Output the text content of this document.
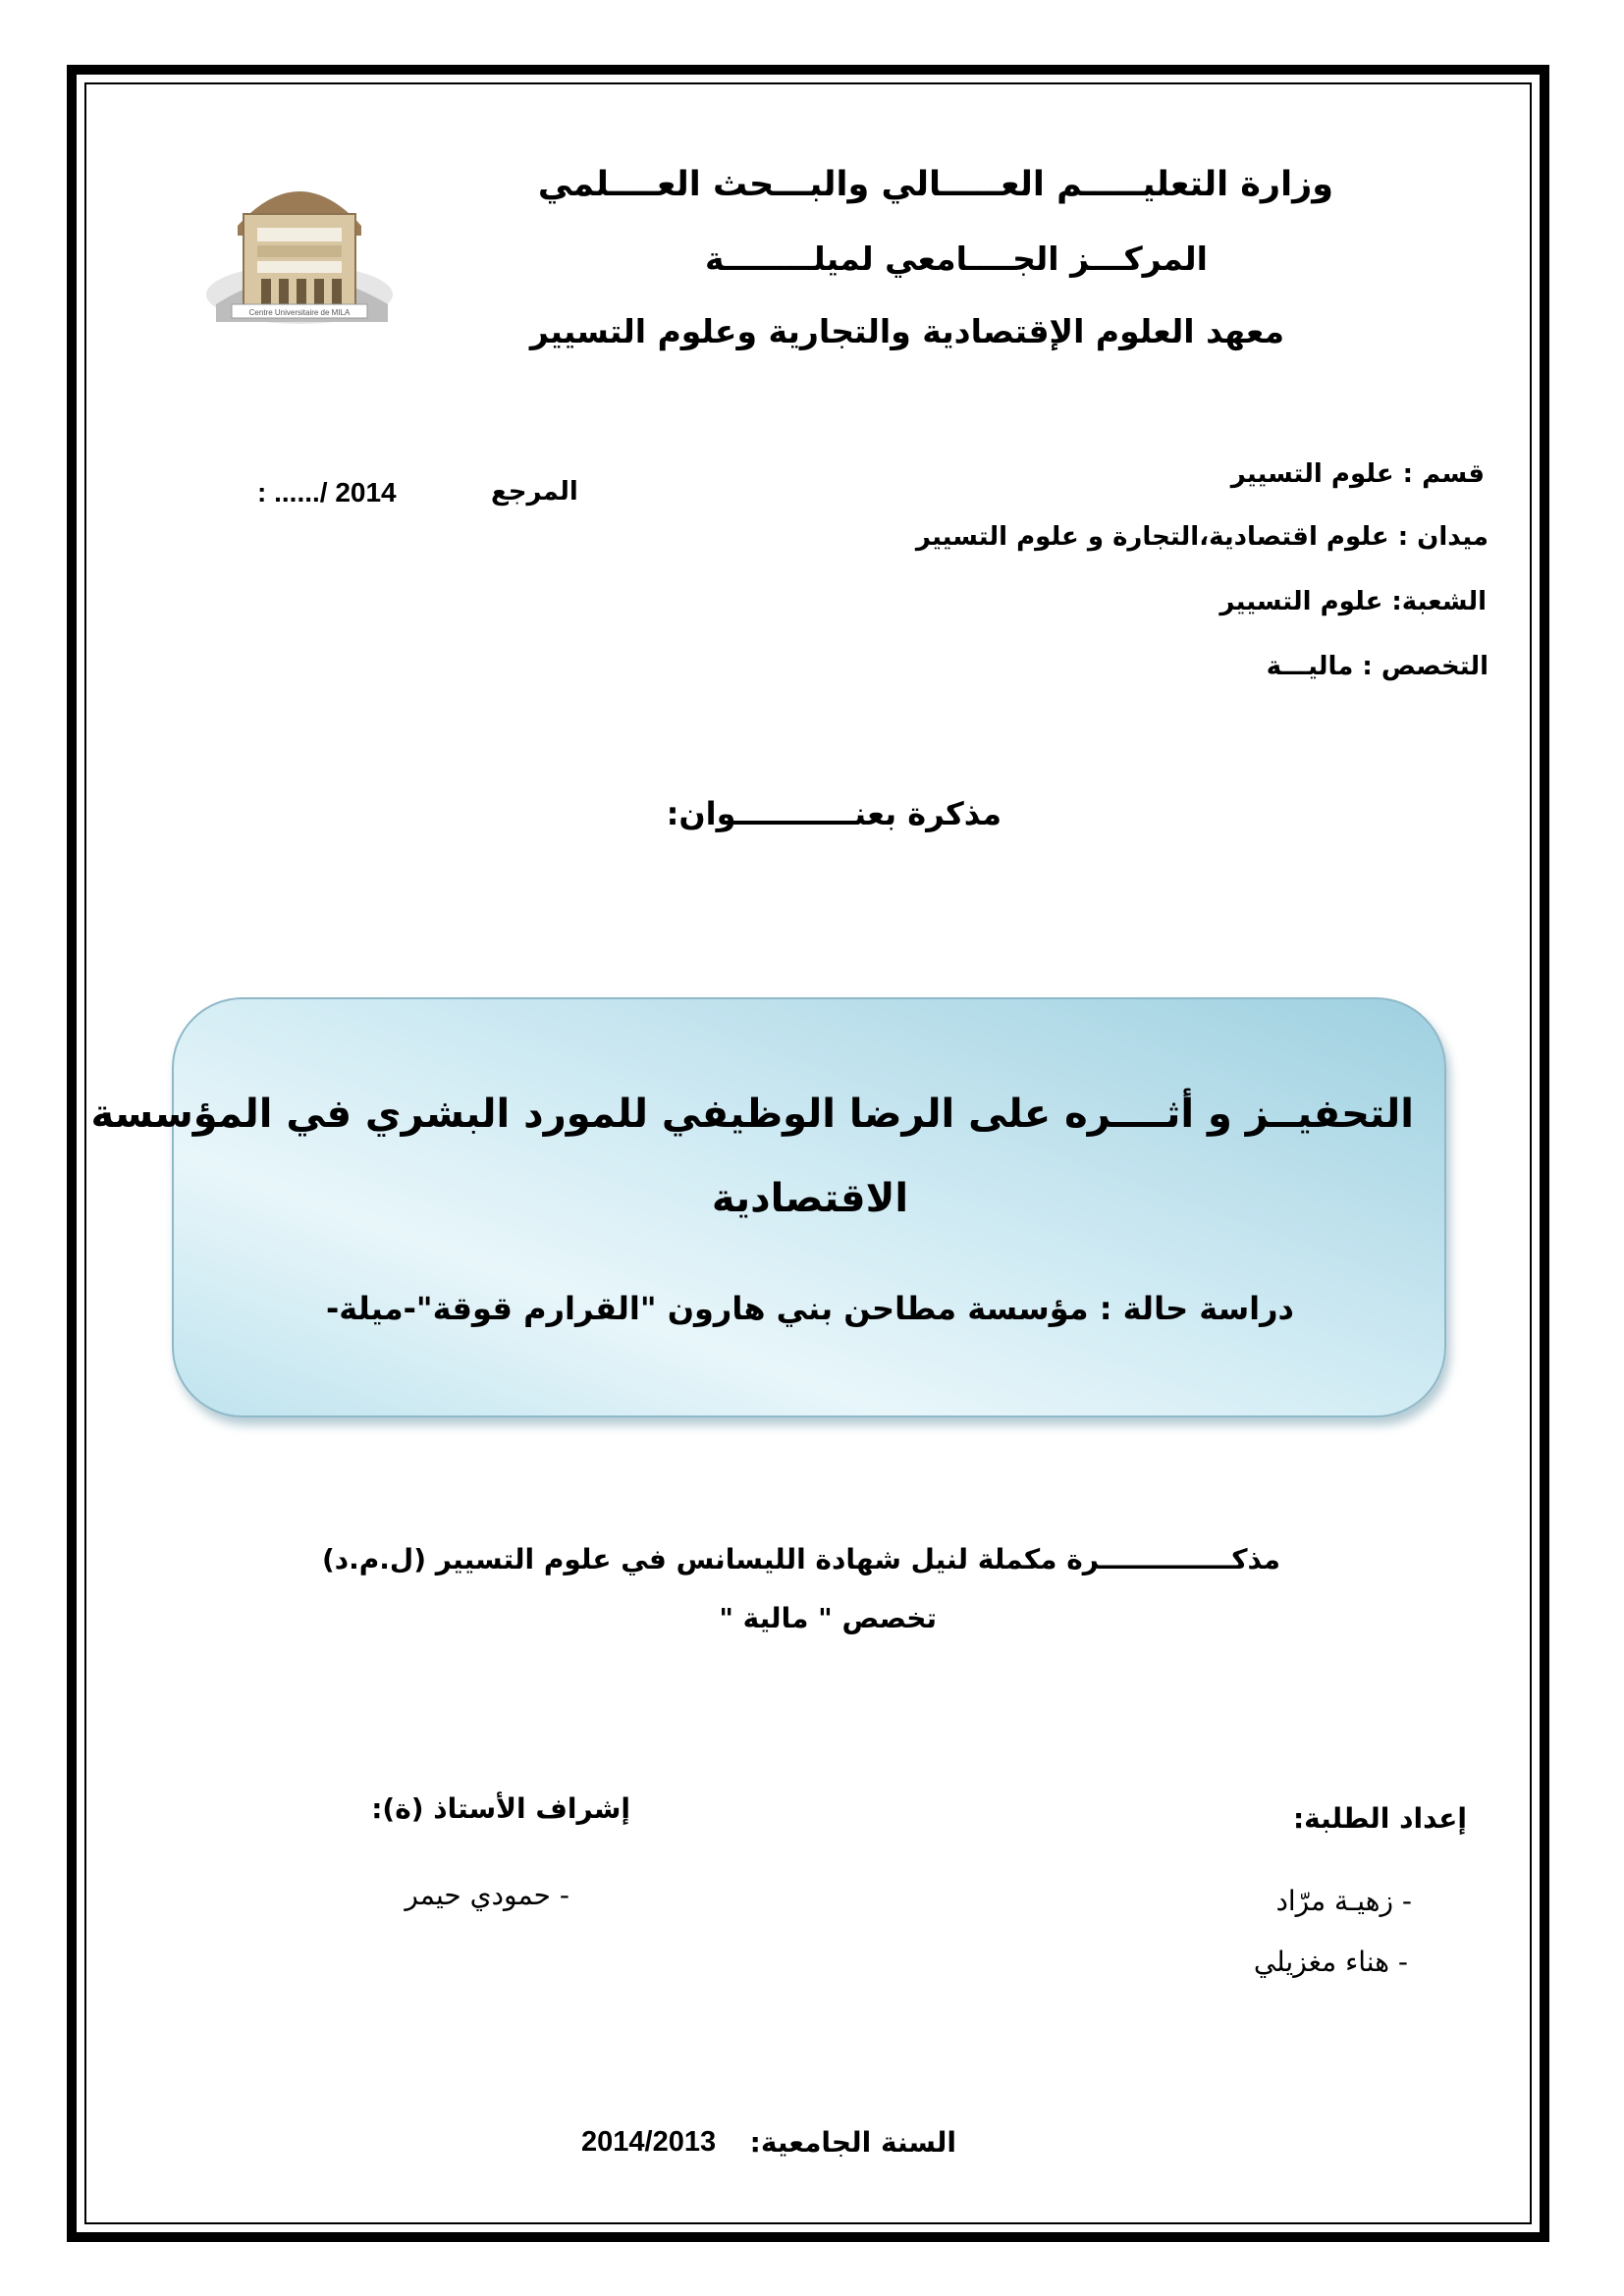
Centre Universitaire de MILA
وزارة التعليـــــم العـــــالي والبـــحث العــــلمي
المركـــز الجــــامعي لميلــــــــة
معهد العلوم الإقتصادية والتجارية وعلوم التسيير
قسم : علوم التسيير
ميدان : علوم اقتصادية،التجارة و علوم التسيير
الشعبة: علوم التسيير
التخصص : ماليـــة
المرجع
: ....../ 2014
مذكرة بعنـــــــــــوان:
التحفيــز و أثــــره على الرضا الوظيفي للمورد البشري في المؤسسة
الاقتصادية
دراسة حالة : مؤسسة مطاحن بني هارون "القرارم قوقة"-ميلة-
مذكــــــــــــــرة مكملة لنيل شهادة الليسانس في علوم التسيير (ل.م.د)
تخصص " مالية "
إعداد الطلبة:
- زهيـة مرّاد
- هناء مغزيلي
إشراف الأستاذ (ة):
- حمودي حيمر
السنة الجامعية:
2014/2013
